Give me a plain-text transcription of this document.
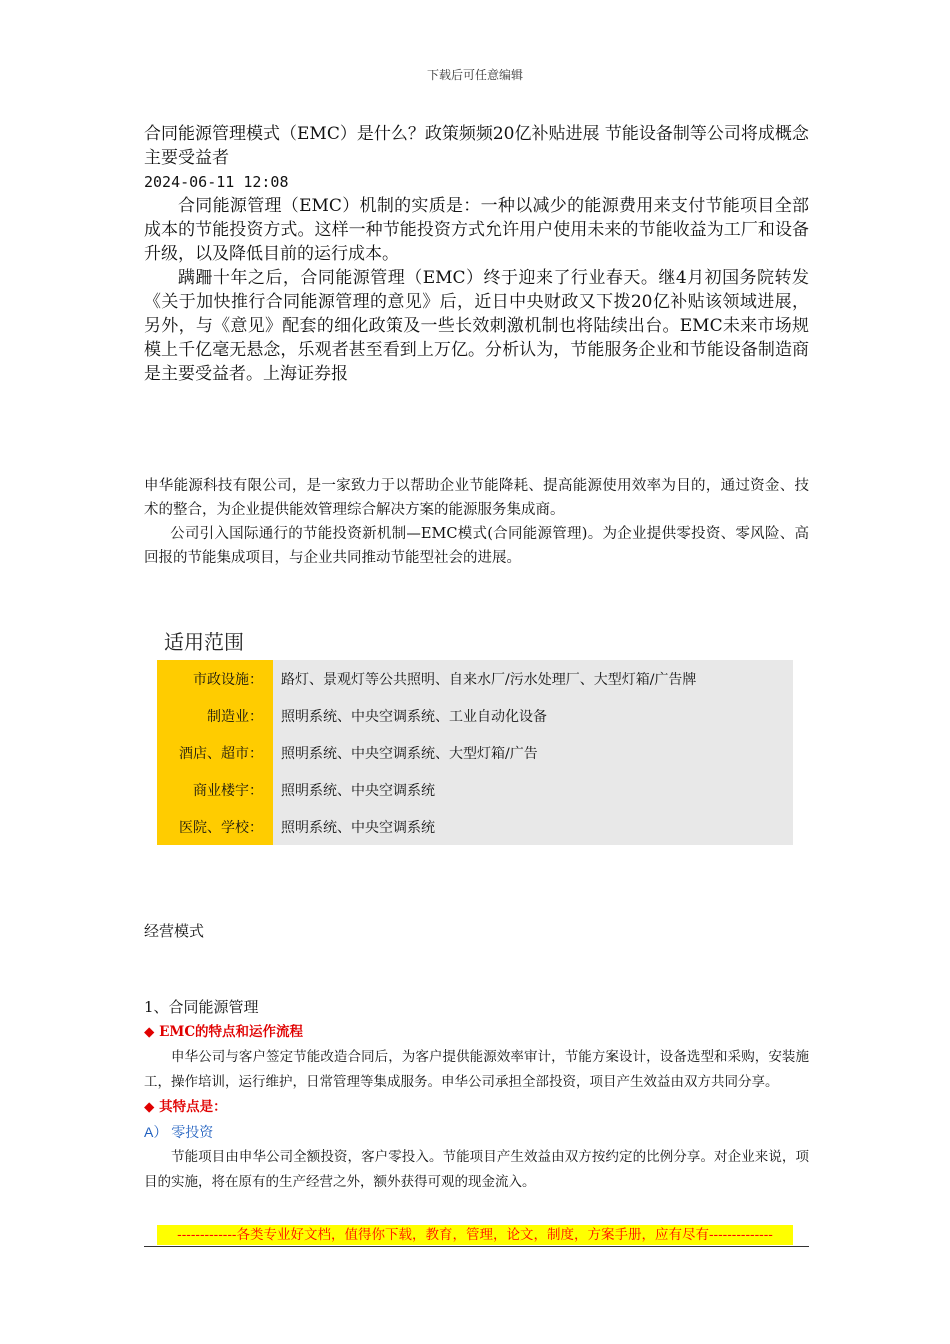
下载后可任意编辑
合同能源管理模式（EMC）是什么？政策频频20亿补贴进展 节能设备制等公司将成概念主要受益者
2024-06-11 12:08

合同能源管理（EMC）机制的实质是：一种以减少的能源费用来支付节能项目全部成本的节能投资方式。这样一种节能投资方式允许用户使用未来的节能收益为工厂和设备升级，以及降低目前的运行成本。

蹒跚十年之后，合同能源管理（EMC）终于迎来了行业春天。继4月初国务院转发《关于加快推行合同能源管理的意见》后，近日中央财政又下拨20亿补贴该领域进展，另外，与《意见》配套的细化政策及一些长效刺激机制也将陆续出台。EMC未来市场规模上千亿毫无悬念，乐观者甚至看到上万亿。分析认为，节能服务企业和节能设备制造商是主要受益者。上海证券报

申华能源科技有限公司，是一家致力于以帮助企业节能降耗、提高能源使用效率为目的，通过资金、技术的整合，为企业提供能效管理综合解决方案的能源服务集成商。

公司引入国际通行的节能投资新机制—EMC模式(合同能源管理)。为企业提供零投资、零风险、高回报的节能集成项目，与企业共同推动节能型社会的进展。

适用范围
市政设施：	路灯、景观灯等公共照明、自来水厂/污水处理厂、大型灯箱/广告牌
制造业：	照明系统、中央空调系统、工业自动化设备
酒店、超市：	照明系统、中央空调系统、大型灯箱/广告
商业楼宇：	照明系统、中央空调系统
医院、学校：	照明系统、中央空调系统
经营模式
1、合同能源管理
◆ EMC的特点和运作流程

申华公司与客户签定节能改造合同后，为客户提供能源效率审计，节能方案设计，设备选型和采购，安装施工，操作培训，运行维护，日常管理等集成服务。申华公司承担全部投资，项目产生效益由双方共同分享。

◆ 其特点是：
A） 零投资

节能项目由申华公司全额投资，客户零投入。节能项目产生效益由双方按约定的比例分享。对企业来说，项目的实施，将在原有的生产经营之外，额外获得可观的现金流入。

-------------各类专业好文档，值得你下载，教育，管理，论文，制度，方案手册，应有尽有--------------
